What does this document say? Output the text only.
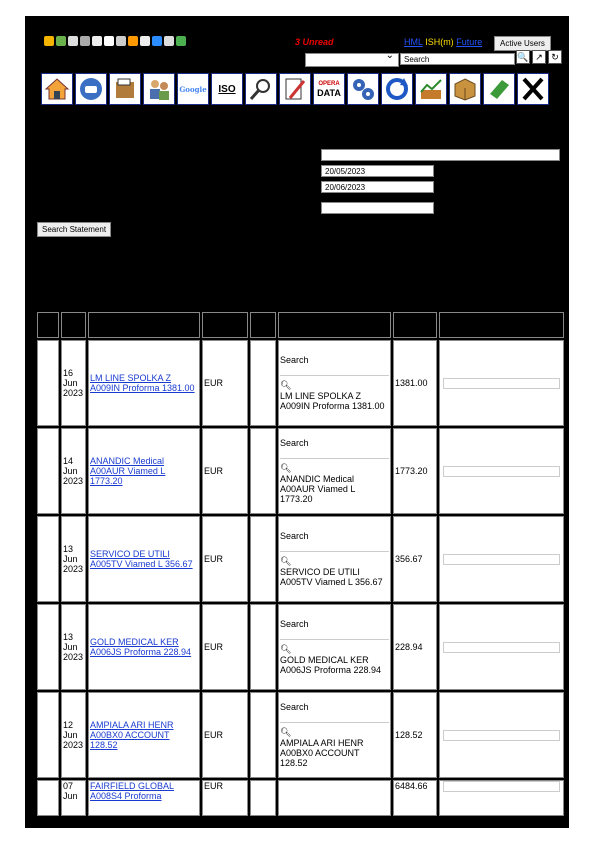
3 Unread	HML ISH(m) Future	Active Users
⌄
Search	🔍 ↗ ↻
Google ISO	OPERA
DATA
20/05/2023
20/06/2023
Search Statement

	16
Jun
2023	LM LINE SPOLKA Z A009IN Proforma 1381.00	EUR		Search
🔍︎
LM LINE SPOLKA Z A009IN Proforma 1381.00	1381.00	

	14
Jun
2023	ANANDIC Medical A00AUR Viamed L 1773.20	EUR		Search
🔍︎
ANANDIC Medical A00AUR Viamed L 1773.20	1773.20	

	13
Jun
2023	SERVICO DE UTILI A005TV Viamed L 356.67	EUR		Search
🔍︎
SERVICO DE UTILI A005TV Viamed L 356.67	356.67	

	13
Jun
2023	GOLD MEDICAL KER A006JS Proforma 228.94	EUR		Search
🔍︎
GOLD MEDICAL KER A006JS Proforma 228.94	228.94	

	12
Jun
2023	AMPIALA ARI HENR A00BX0 ACCOUNT 128.52	EUR		Search
🔍︎
AMPIALA ARI HENR A00BX0 ACCOUNT 128.52	128.52	

	07
Jun	FAIRFIELD GLOBAL A008S4 Proforma	EUR			6484.66	
